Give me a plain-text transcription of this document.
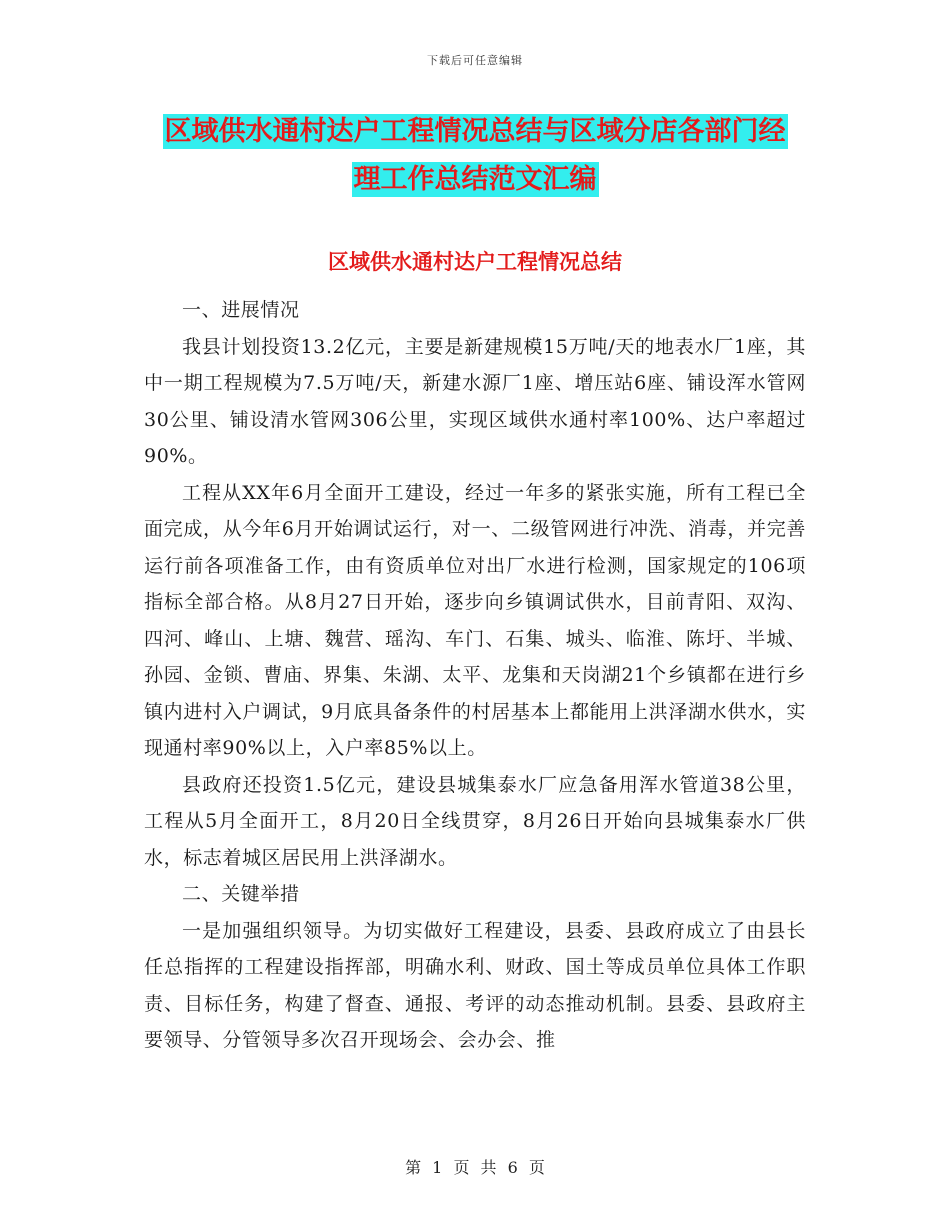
下载后可任意编辑
区域供水通村达户工程情况总结与区域分店各部门经
理工作总结范文汇编
区域供水通村达户工程情况总结

一、进展情况

我县计划投资13.2亿元，主要是新建规模15万吨/天的地表水厂1座，其中一期工程规模为7.5万吨/天，新建水源厂1座、增压站6座、铺设浑水管网30公里、铺设清水管网306公里，实现区域供水通村率100%、达户率超过90%。

工程从XX年6月全面开工建设，经过一年多的紧张实施，所有工程已全面完成，从今年6月开始调试运行，对一、二级管网进行冲洗、消毒，并完善运行前各项准备工作，由有资质单位对出厂水进行检测，国家规定的106项指标全部合格。从8月27日开始，逐步向乡镇调试供水，目前青阳、双沟、四河、峰山、上塘、魏营、瑶沟、车门、石集、城头、临淮、陈圩、半城、孙园、金锁、曹庙、界集、朱湖、太平、龙集和天岗湖21个乡镇都在进行乡镇内进村入户调试，9月底具备条件的村居基本上都能用上洪泽湖水供水，实现通村率90%以上，入户率85%以上。

县政府还投资1.5亿元，建设县城集泰水厂应急备用浑水管道38公里，工程从5月全面开工，8月20日全线贯穿，8月26日开始向县城集泰水厂供水，标志着城区居民用上洪泽湖水。

二、关键举措

一是加强组织领导。为切实做好工程建设，县委、县政府成立了由县长任总指挥的工程建设指挥部，明确水利、财政、国土等成员单位具体工作职责、目标任务，构建了督查、通报、考评的动态推动机制。县委、县政府主要领导、分管领导多次召开现场会、会办会、推

第 1 页 共 6 页
